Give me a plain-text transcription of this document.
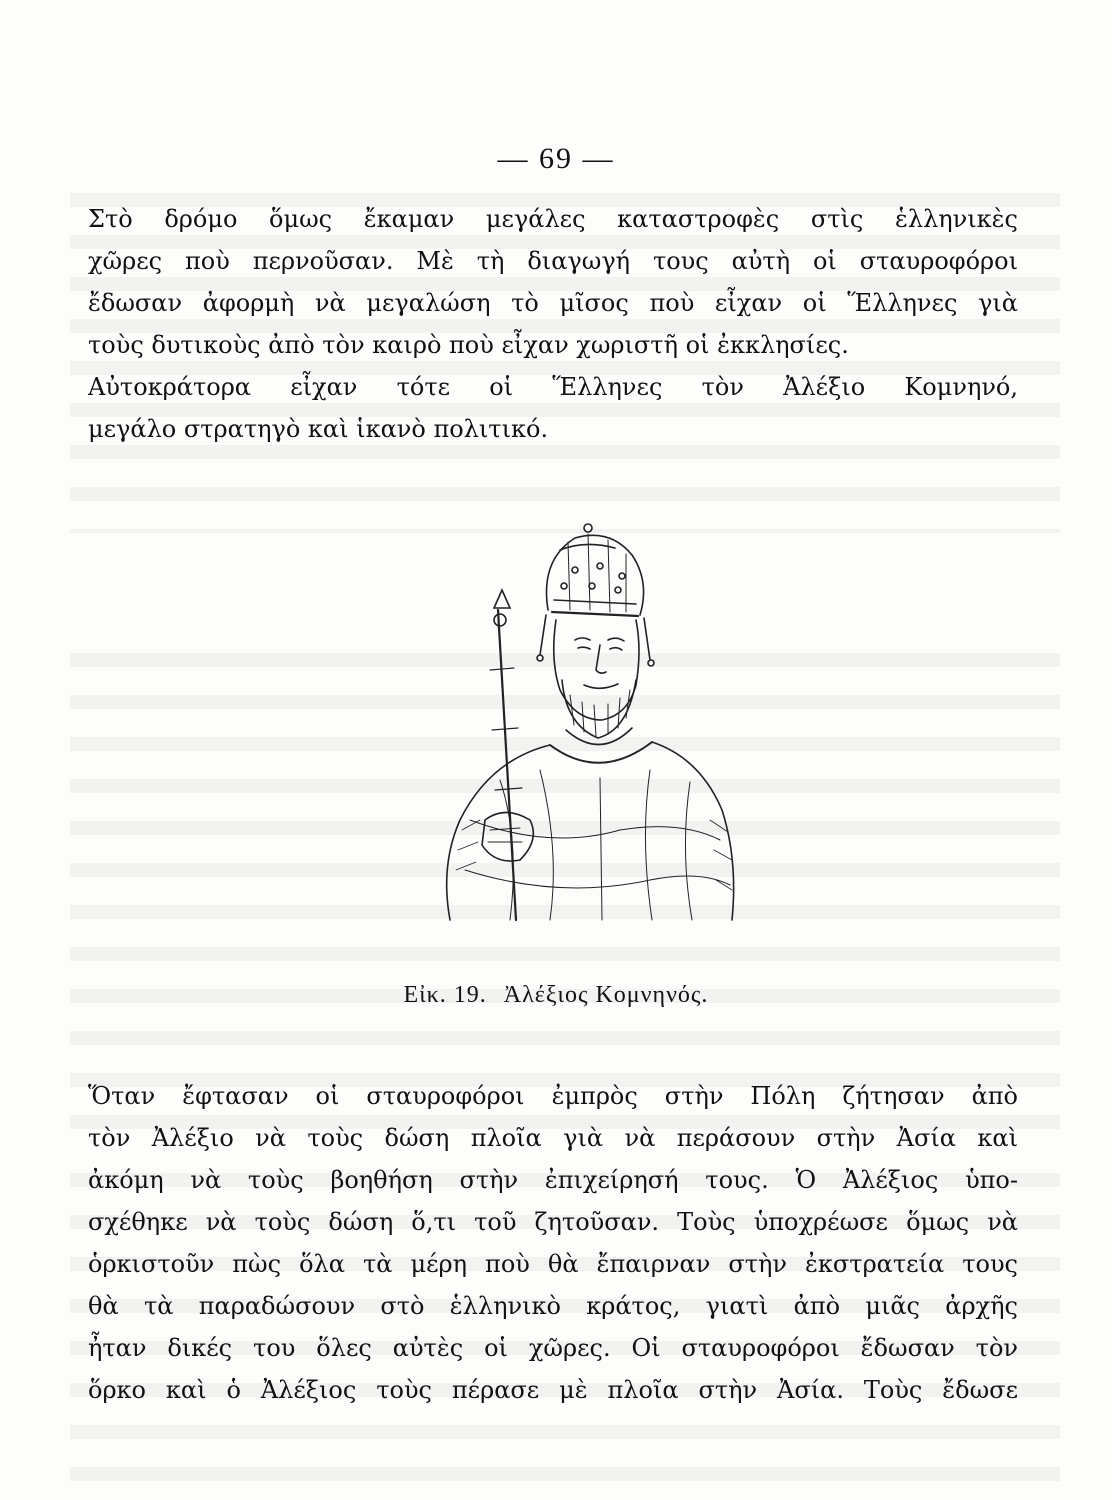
— 69 —
Στὸ δρόμο ὅμως ἔκαμαν μεγάλες καταστροφὲς στὶς ἑλληνικὲς
χῶρες ποὺ περνοῦσαν. Μὲ τὴ διαγωγή τους αὐτὴ οἱ σταυροφόροι
ἔδωσαν ἀφορμὴ νὰ μεγαλώση τὸ μῖσος ποὺ εἶχαν οἱ Ἕλληνες γιὰ
τοὺς δυτικοὺς ἀπὸ τὸν καιρὸ ποὺ εἶχαν χωριστῆ οἱ ἐκκλησίες.
Αὐτοκράτορα εἶχαν τότε οἱ Ἕλληνες τὸν Ἀλέξιο Κομνηνό,
μεγάλο στρατηγὸ καὶ ἱκανὸ πολιτικό.
Εἰκ. 19. Ἀλέξιος Κομνηνός.
Ὅταν ἔφτασαν οἱ σταυροφόροι ἐμπρὸς στὴν Πόλη ζήτησαν ἀπὸ
τὸν Ἀλέξιο νὰ τοὺς δώση πλοῖα γιὰ νὰ περάσουν στὴν Ἀσία καὶ
ἀκόμη νὰ τοὺς βοηθήση στὴν ἐπιχείρησή τους. Ὁ Ἀλέξιος ὑπο-
σχέθηκε νὰ τοὺς δώση ὅ,τι τοῦ ζητοῦσαν. Τοὺς ὑποχρέωσε ὅμως νὰ
ὁρκιστοῦν πὼς ὅλα τὰ μέρη ποὺ θὰ ἔπαιρναν στὴν ἐκστρατεία τους
θὰ τὰ παραδώσουν στὸ ἑλληνικὸ κράτος, γιατὶ ἀπὸ μιᾶς ἀρχῆς
ἦταν δικές του ὅλες αὐτὲς οἱ χῶρες. Οἱ σταυροφόροι ἔδωσαν τὸν
ὅρκο καὶ ὁ Ἀλέξιος τοὺς πέρασε μὲ πλοῖα στὴν Ἀσία. Τοὺς ἔδωσε
